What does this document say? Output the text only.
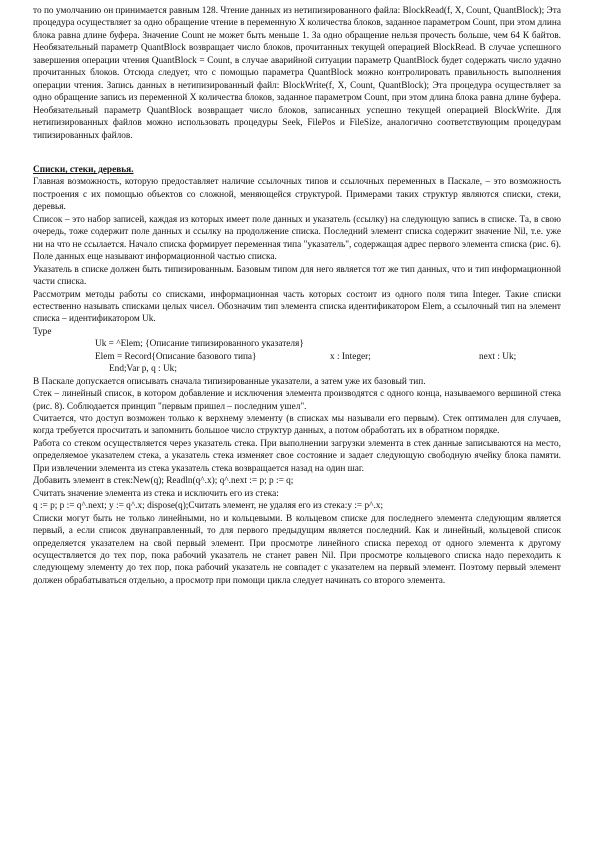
то по умолчанию он принимается равным 128. Чтение данных из нетипизированного файла: BlockRead(f, X, Count, QuantBlock); Эта процедура осуществляет за одно обращение чтение в переменную X количества блоков, заданное параметром Count, при этом длина блока равна длине буфера. Значение Count не может быть меньше 1. За одно обращение нельзя прочесть больше, чем 64 К байтов. Необязательный параметр QuantBlock возвращает число блоков, прочитанных текущей операцией BlockRead. В случае успешного завершения операции чтения QuantBlock = Count, в случае аварийной ситуации параметр QuantBlock будет содержать число удачно прочитанных блоков. Отсюда следует, что с помощью параметра QuantBlock можно контролировать правильность выполнения операции чтения. Запись данных в нетипизированный файл: BlockWrite(f, X, Count, QuantBlock); Эта процедура осуществляет за одно обращение запись из переменной X количества блоков, заданное параметром Count, при этом длина блока равна длине буфера. Необязательный параметр QuantBlock возвращает число блоков, записанных успешно текущей операцией BlockWrite. Для нетипизированных файлов можно использовать процедуры Seek, FilePos и FileSize, аналогично соответствующим процедурам типизированных файлов.

Списки, стеки, деревья.

Главная возможность, которую предоставляет наличие ссылочных типов и ссылочных переменных в Паскале, – это возможность построения с их помощью объектов со сложной, меняющейся структурой. Примерами таких структур являются списки, стеки, деревья.

Список – это набор записей, каждая из которых имеет поле данных и указатель (ссылку) на следующую запись в списке. Та, в свою очередь, тоже содержит поле данных и ссылку на продолжение списка. Последний элемент списка содержит значение Nil, т.е. уже ни на что не ссылается. Начало списка формирует переменная типа "указатель", содержащая адрес первого элемента списка (рис. 6). Поле данных еще называют информационной частью списка.

Указатель в списке должен быть типизированным. Базовым типом для него является тот же тип данных, что и тип информационной части списка.

Рассмотрим методы работы со списками, информационная часть которых состоит из одного поля типа Integer. Такие списки естественно называть списками целых чисел. Обозначим тип элемента списка идентификатором Elem, а ссылочный тип на элемент списка – идентификатором Uk.

Type

Uk = ^Elem; {Описание типизированного указателя}
Elem = Record{Описание базового типа}	x : Integer;	next : Uk;
End;Var p, q : Uk;

В Паскале допускается описывать сначала типизированные указатели, а затем уже их базовый тип.

Стек – линейный список, в котором добавление и исключения элемента производятся с одного конца, называемого вершиной стека (рис. 8). Соблюдается принцип "первым пришел – последним ушел".

Считается, что доступ возможен только к верхнему элементу (в списках мы называли его первым). Стек оптимален для случаев, когда требуется просчитать и запомнить большое число структур данных, а потом обработать их в обратном порядке.

Работа со стеком осуществляется через указатель стека. При выполнении загрузки элемента в стек данные записываются на место, определяемое указателем стека, а указатель стека изменяет свое состояние и задает следующую свободную ячейку блока памяти. При извлечении элемента из стека указатель стека возвращается назад на один шаг.

Добавить элемент в стек:New(q); Readln(q^.x); q^.next := p; p := q;

Считать значение элемента из стека и исключить его из стека:

q := p; p := q^.next; y := q^.x; dispose(q);Считать элемент, не удаляя его из стека:y := p^.x;

Списки могут быть не только линейными, но и кольцевыми. В кольцевом списке для последнего элемента следующим является первый, а если список двунаправленный, то для первого предыдущим является последний. Как и линейный, кольцевой список определяется указателем на свой первый элемент. При просмотре линейного списка переход от одного элемента к другому осуществляется до тех пор, пока рабочий указатель не станет равен Nil. При просмотре кольцевого списка надо переходить к следующему элементу до тех пор, пока рабочий указатель не совпадет с указателем на первый элемент. Поэтому первый элемент должен обрабатываться отдельно, а просмотр при помощи цикла следует начинать со второго элемента.
